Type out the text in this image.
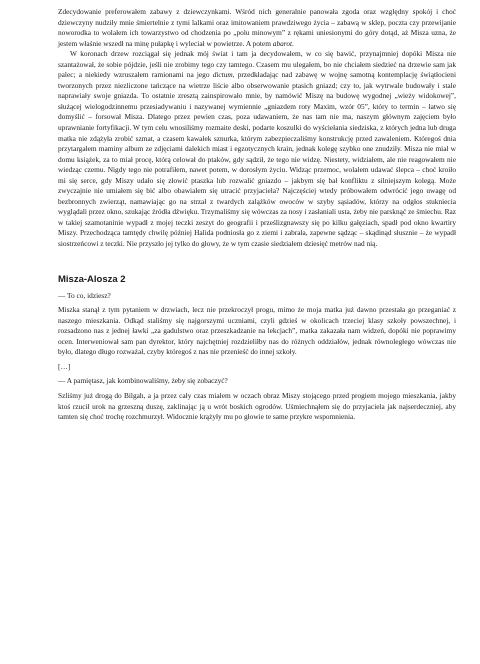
Zdecydowanie preferowałem zabawy z dziewczynkami. Wśród nich generalnie panowała zgoda oraz względny spokój i choć dziewczyny nudziły mnie śmiertelnie z tymi lalkami oraz imitowaniem prawdziwego życia – zabawą w sklep, poczta czy przewijanie noworodka to wolałem ich towarzystwo od chodzenia po „polu minowym” z rękami uniesionymi do góry dotąd, aż Misza uzna, że jestem właśnie wszedł na minę pułapkę i wyleciał w powietrze. A potem abarot.

W koronach drzew rozciągał się jednak mój świat i tam ja decydowałem, w co się bawić, przynajmniej dopóki Misza nie szantażował, że sobie pójdzie, jeśli nie zrobimy tego czy tamtego. Czasem mu ulegałem, bo nie chciałem siedzieć na drzewie sam jak palec; a niekiedy wzruszałem ramionami na jego dictum, przedkładając nad zabawę w wojnę samotną kontemplację świątłocieni tworzonych przez niezliczone tańczące na wietrze liście albo obserwowanie ptasich gniazd; czy to, jak wytrwale budowały i stale naprawiały swoje gniazda. To ostatnie zresztą zainspirowało mnie, by namówić Miszę na budowę wygodnej „wieży widokowej”, służącej wielogodzinnemu przesiadywaniu i nazywanej wymiennie „gniazdem roty Maxim, wzór 05”, który to termin – łatwo się domyślić – forsował Misza. Dlatego przez pewien czas, poza udawaniem, że nas tam nie ma, naszym głównym zajęciem było uprawnianie fortyfikacji. W tym celu wnosiliśmy rozmaite deski, podarte koszulki do wyściełania siedziska, z których jedna lub druga matka nie zdążyła zrobić szmat, a czasem kawałek sznurka, którym zabezpieczaliśmy konstrukcję przed zawaleniem. Któregoś dnia przytargałem maminy album ze zdjęciami dalekich miast i egzotycznych krain, jednak kolegę szybko one znudziły. Misza nie miał w domu książek, za to miał procę, którą celował do ptaków, gdy sądził, że tego nie widzę. Niestety, widziałem, ale nie reagowałem nie wiedząc czemu. Nigdy tego nie potrafiłem, nawet potem, w dorosłym życiu. Widząc przemoc, wolałem udawać ślepca – choć kroiło mi się serce, gdy Miszy udało się złowić ptaszka lub rozwalić gniazdo – jakbym się bał konfliktu z silniejszym kolegą. Może zwyczajnie nie umiałem się bić albo obawiałem się utracić przyjaciela? Najczęściej wtedy próbowałem odwrócić jego uwagę od bezbronnych zwierząt, namawiając go na strzał z twardych zalążków owoców w szyby sąsiadów, którzy na odgłos stukniecia wyglądali przez okno, szukając źródła dźwięku. Trzymaliśmy się wówczas za nosy i zasłaniali usta, żeby nie parsknąć ze śmiechu. Raz w takiej szamotaninie wypadł z mojej teczki zeszyt do geografii i prześlizgnawszy się po kilku gałęziach, spadł pod okno kwartiry Miszy. Przechodząca tamtędy chwilę później Halida podniosła go z ziemi i zabrała, zapewne sądząc – skądinąd słusznie – że wypadł siostrzeńcowi z teczki. Nie przyszło jej tylko do głowy, że w tym czasie siedziałem dziesięć metrów nad nią.

Misza-Alosza 2

— To co, idziesz?

Miszka stanął z tym pytaniem w drzwiach, lecz nie przekroczył progu, mimo że moja matka już dawno przestała go przeganiać z naszego mieszkania. Odkąd staliśmy się najgorszymi uczniami, czyli gdzieś w okolicach trzeciej klasy szkoły powszechnej, i rozsadzono nas z jednej ławki „za gadulstwo oraz przeszkadzanie na lekcjach”, matka zakazała nam widzeń, dopóki nie poprawimy ocen. Interweniował sam pan dyrektor, który najchętniej rozdzieliłby nas do różnych oddziałów, jednak równoległego wówczas nie było, dlatego długo rozważał, czyby któregoś z nas nie przenieść do innej szkoły.

[…]

— A pamiętasz, jak kombinowaliśmy, żeby się zobaczyć?

Szliśmy już drogą do Bilgah, a ja przez cały czas miałem w oczach obraz Miszy stojącego przed progiem mojego mieszkania, jakby ktoś rzucił urok na grzeszną duszę, zaklinając ją u wrót boskich ogrodów. Uśmiechnąłem się do przyjaciela jak najserdeczniej, aby tamten się choć trochę rozchmurzył. Widocznie krążyły mu po głowie te same przykre wspomnienia.
